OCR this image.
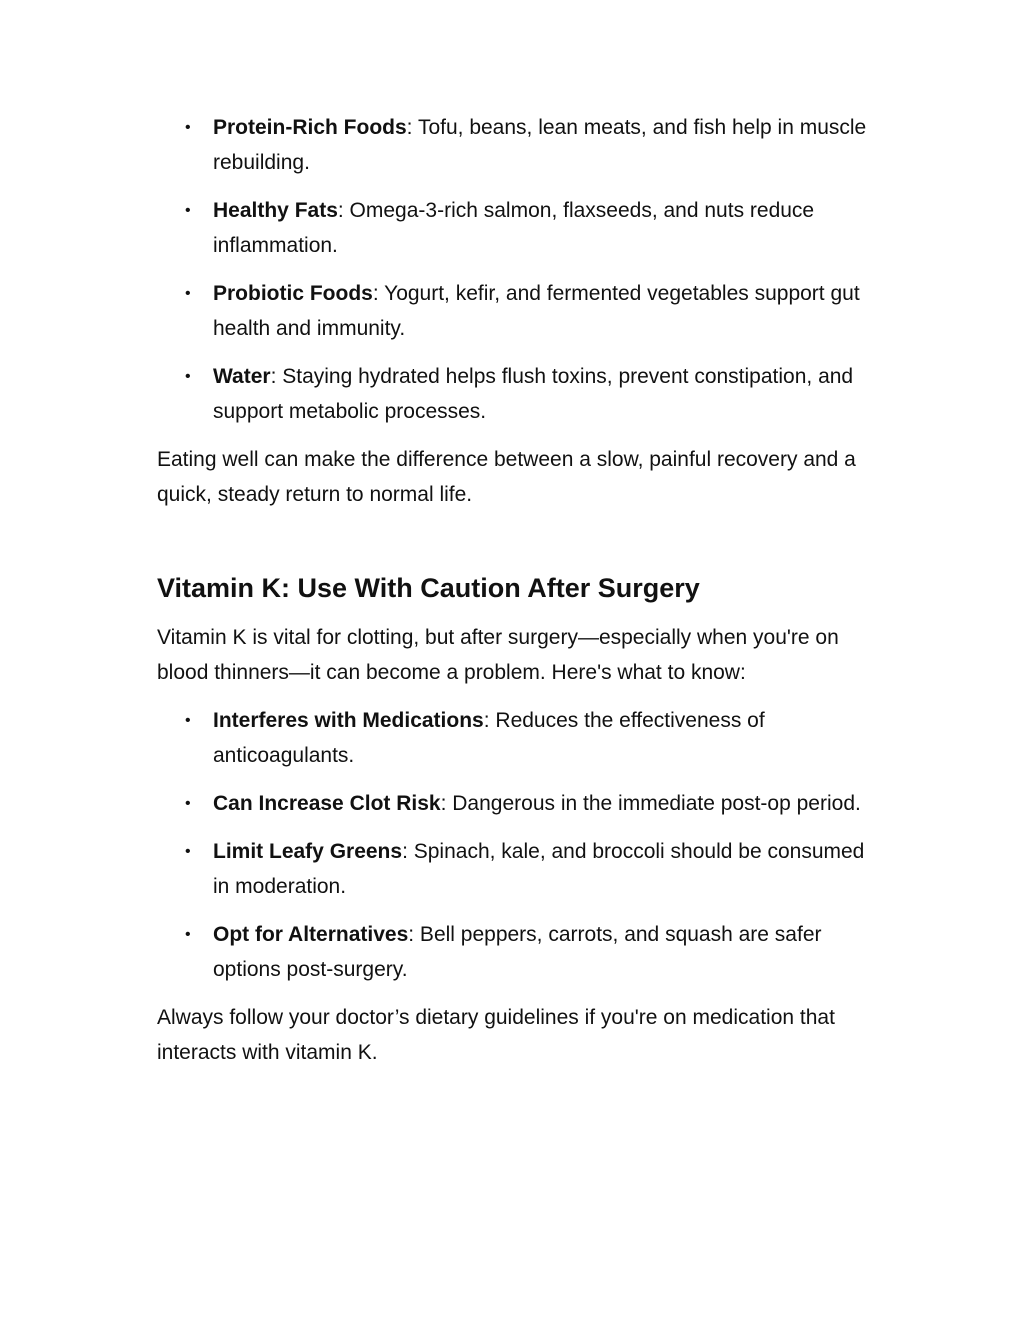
• Protein-Rich Foods: Tofu, beans, lean meats, and fish help in muscle rebuilding.
• Healthy Fats: Omega-3-rich salmon, flaxseeds, and nuts reduce inflammation.
• Probiotic Foods: Yogurt, kefir, and fermented vegetables support gut health and immunity.
• Water: Staying hydrated helps flush toxins, prevent constipation, and support metabolic processes.

Eating well can make the difference between a slow, painful recovery and a quick, steady return to normal life.

Vitamin K: Use With Caution After Surgery

Vitamin K is vital for clotting, but after surgery—especially when you're on blood thinners—it can become a problem. Here's what to know:

• Interferes with Medications: Reduces the effectiveness of anticoagulants.
• Can Increase Clot Risk: Dangerous in the immediate post-op period.
• Limit Leafy Greens: Spinach, kale, and broccoli should be consumed in moderation.
• Opt for Alternatives: Bell peppers, carrots, and squash are safer options post-surgery.

Always follow your doctor’s dietary guidelines if you're on medication that interacts with vitamin K.
